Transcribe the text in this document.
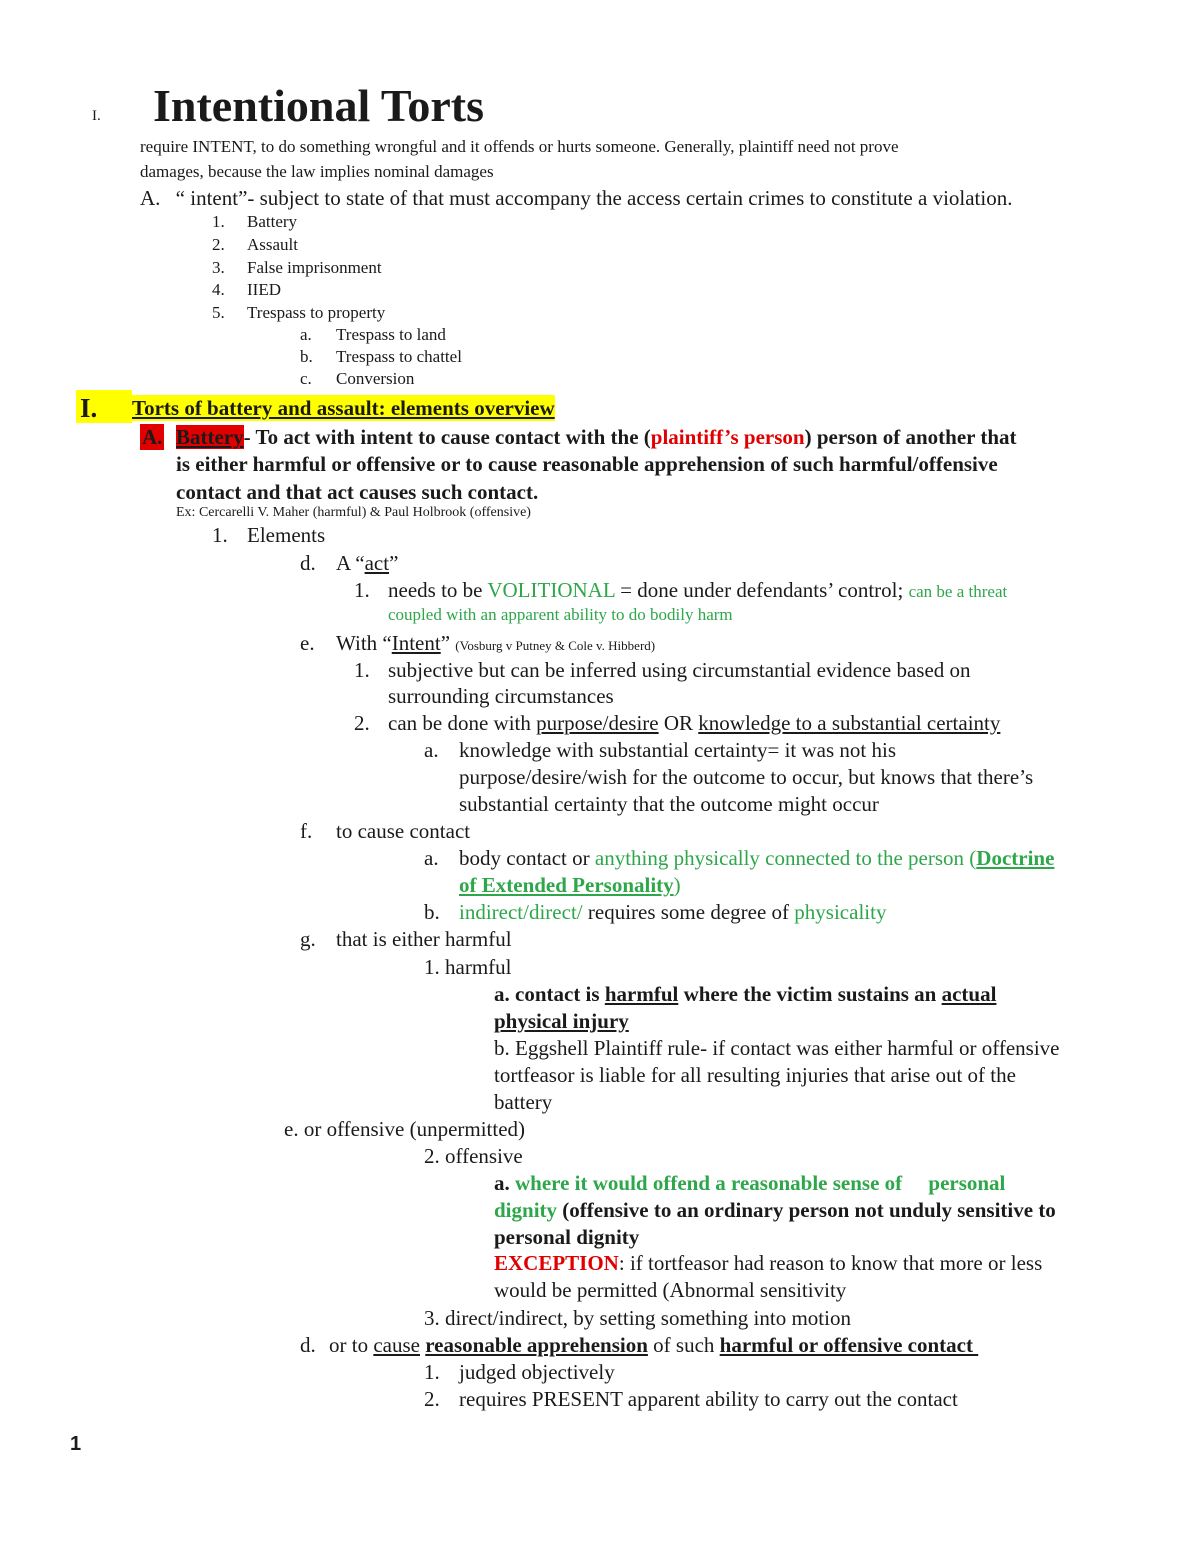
I. Intentional Torts
require INTENT, to do something wrongful and it offends or hurts someone. Generally, plaintiff need not prove
damages, because the law implies nominal damages
A. “ intent”- subject to state of that must accompany the access certain crimes to constitute a violation.
1. Battery
2. Assault
3. False imprisonment
4. IIED
5. Trespass to property
a. Trespass to land
b. Trespass to chattel
c. Conversion
I. Torts of battery and assault: elements overview
A. Battery- To act with intent to cause contact with the (plaintiff’s person) person of another that
is either harmful or offensive or to cause reasonable apprehension of such harmful/offensive
contact and that act causes such contact.
Ex: Cercarelli V. Maher (harmful) & Paul Holbrook (offensive)
1. Elements
d. A “act”
1. needs to be VOLITIONAL = done under defendants’ control; can be a threat
coupled with an apparent ability to do bodily harm
e. With “Intent” (Vosburg v Putney & Cole v. Hibberd)
1. subjective but can be inferred using circumstantial evidence based on
surrounding circumstances
2. can be done with purpose/desire OR knowledge to a substantial certainty
a. knowledge with substantial certainty= it was not his
purpose/desire/wish for the outcome to occur, but knows that there’s
substantial certainty that the outcome might occur
f. to cause contact
a. body contact or anything physically connected to the person (Doctrine
of Extended Personality)
b. indirect/direct/ requires some degree of physicality
g. that is either harmful
1. harmful
a. contact is harmful where the victim sustains an actual
physical injury
b. Eggshell Plaintiff rule- if contact was either harmful or offensive
tortfeasor is liable for all resulting injuries that arise out of the
battery
e. or offensive (unpermitted)
2. offensive
a. where it would offend a reasonable sense of     personal
dignity (offensive to an ordinary person not unduly sensitive to
personal dignity
EXCEPTION: if tortfeasor had reason to know that more or less
would be permitted (Abnormal sensitivity
3. direct/indirect, by setting something into motion
d. or to cause reasonable apprehension of such harmful or offensive contact
1. judged objectively
2. requires PRESENT apparent ability to carry out the contact
1
